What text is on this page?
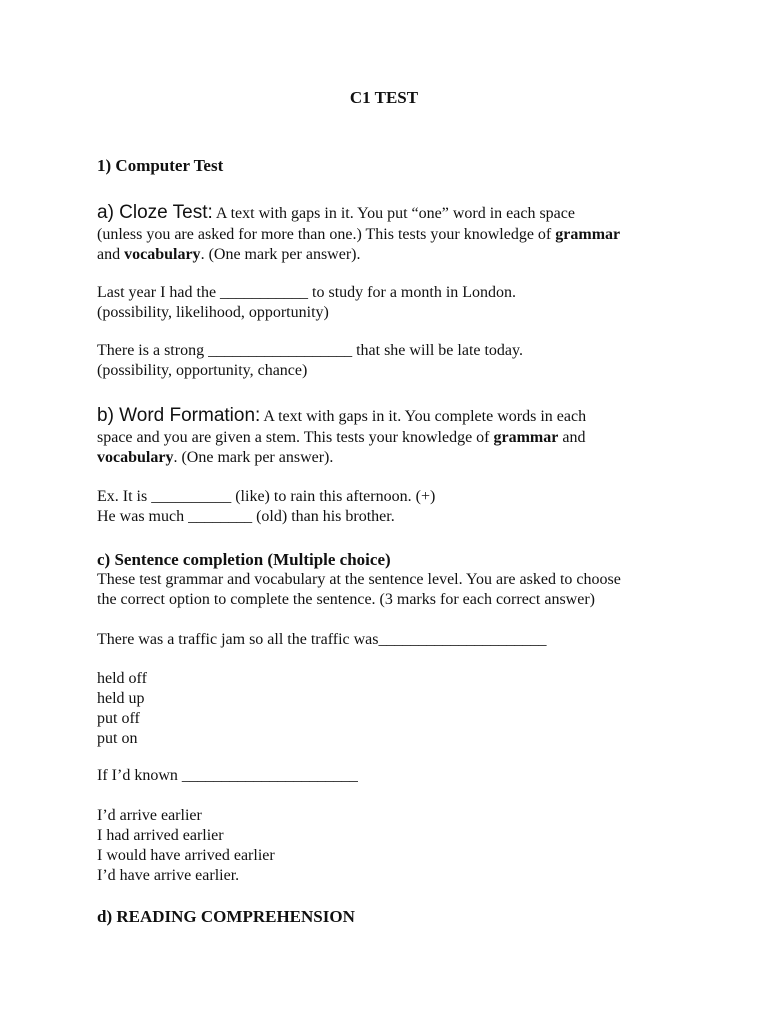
C1 TEST

1) Computer Test

a) Cloze Test: A text with gaps in it. You put “one” word in each space
(unless you are asked for more than one.) This tests your knowledge of grammar
and vocabulary. (One mark per answer).
Last year I had the ___________ to study for a month in London.
(possibility, likelihood, opportunity)
There is a strong __________________ that she will be late today.
(possibility, opportunity, chance)
b) Word Formation: A text with gaps in it. You complete words in each
space and you are given a stem. This tests your knowledge of grammar and
vocabulary. (One mark per answer).
Ex. It is __________ (like) to rain this afternoon. (+)
He was much ________ (old) than his brother.
c) Sentence completion (Multiple choice)
These test grammar and vocabulary at the sentence level. You are asked to choose
the correct option to complete the sentence. (3 marks for each correct answer)
There was a traffic jam so all the traffic was_____________________
held off
held up
put off
put on
If I’d known ______________________
I’d arrive earlier
I had arrived earlier
I would have arrived earlier
I’d have arrive earlier.
d) READING COMPREHENSION
